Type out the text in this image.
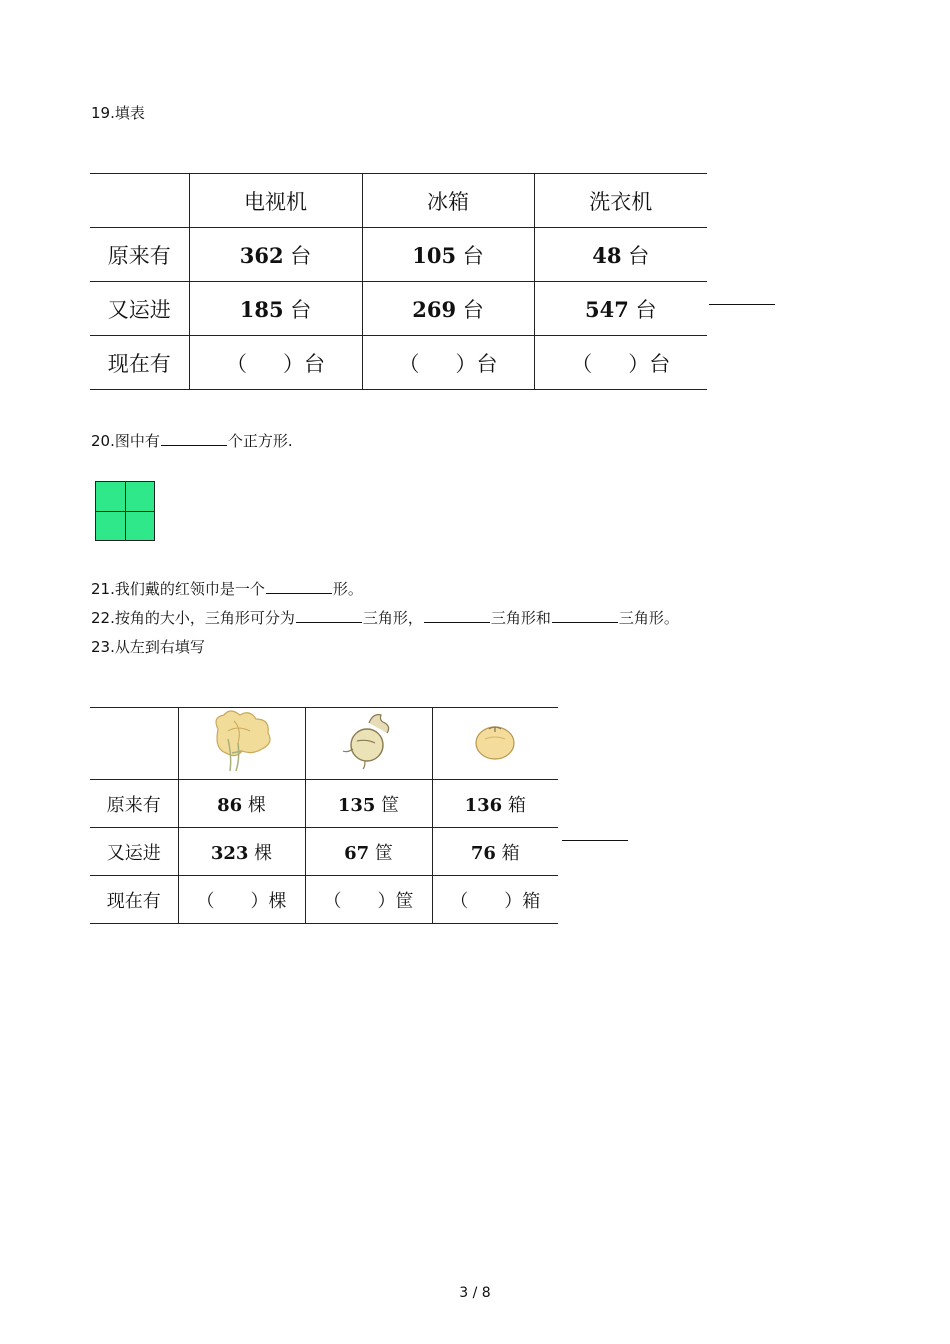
19.填表
	电视机	冰箱	洗衣机
原来有	362 台	105 台	48 台
又运进	185 台	269 台	547 台
现在有	（ ）台	（ ）台	（ ）台
20.图中有	个正方形.
21.我们戴的红领巾是一个	形。
22.按角的大小，三角形可分为	三角形，	三角形和	三角形。
23.从左到右填写

原来有	86 棵	135 筐	136 箱
又运进	323 棵	67 筐	76 箱
现在有	（ ）棵	（ ）筐	（ ）箱
3 / 8
